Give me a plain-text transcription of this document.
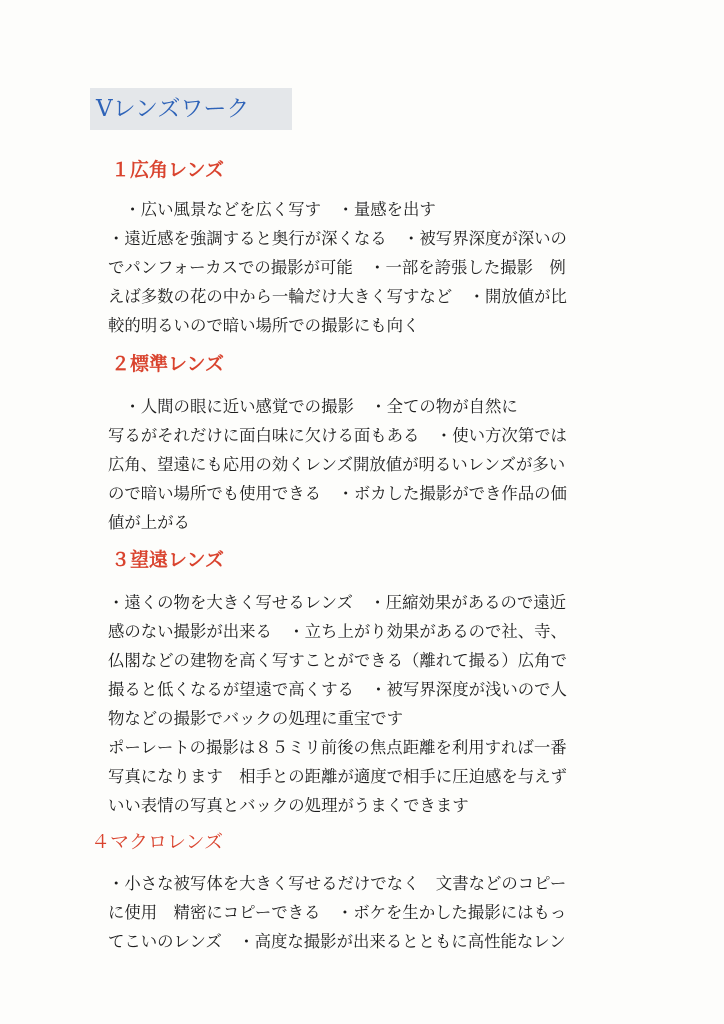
Vレンズワーク
１広角レンズ
　・広い風景などを広く写す　・量感を出す
・遠近感を強調すると奥行が深くなる　・被写界深度が深いの
でパンフォーカスでの撮影が可能　・一部を誇張した撮影　例
えば多数の花の中から一輪だけ大きく写すなど　・開放値が比
較的明るいので暗い場所での撮影にも向く
２標準レンズ
　・人間の眼に近い感覚での撮影　・全ての物が自然に
写るがそれだけに面白味に欠ける面もある　・使い方次第では
広角、望遠にも応用の効くレンズ開放値が明るいレンズが多い
ので暗い場所でも使用できる　・ボカした撮影ができ作品の価
値が上がる
３望遠レンズ
・遠くの物を大きく写せるレンズ　・圧縮効果があるので遠近
感のない撮影が出来る　・立ち上がり効果があるので社、寺、
仏閣などの建物を高く写すことができる（離れて撮る）広角で
撮ると低くなるが望遠で高くする　・被写界深度が浅いので人
物などの撮影でバックの処理に重宝です
ポーレートの撮影は８５ミリ前後の焦点距離を利用すれば一番
写真になります　相手との距離が適度で相手に圧迫感を与えず
いい表情の写真とバックの処理がうまくできます
４マクロレンズ
・小さな被写体を大きく写せるだけでなく　文書などのコピー
に使用　精密にコピーできる　・ボケを生かした撮影にはもっ
てこいのレンズ　・高度な撮影が出来るとともに高性能なレン
